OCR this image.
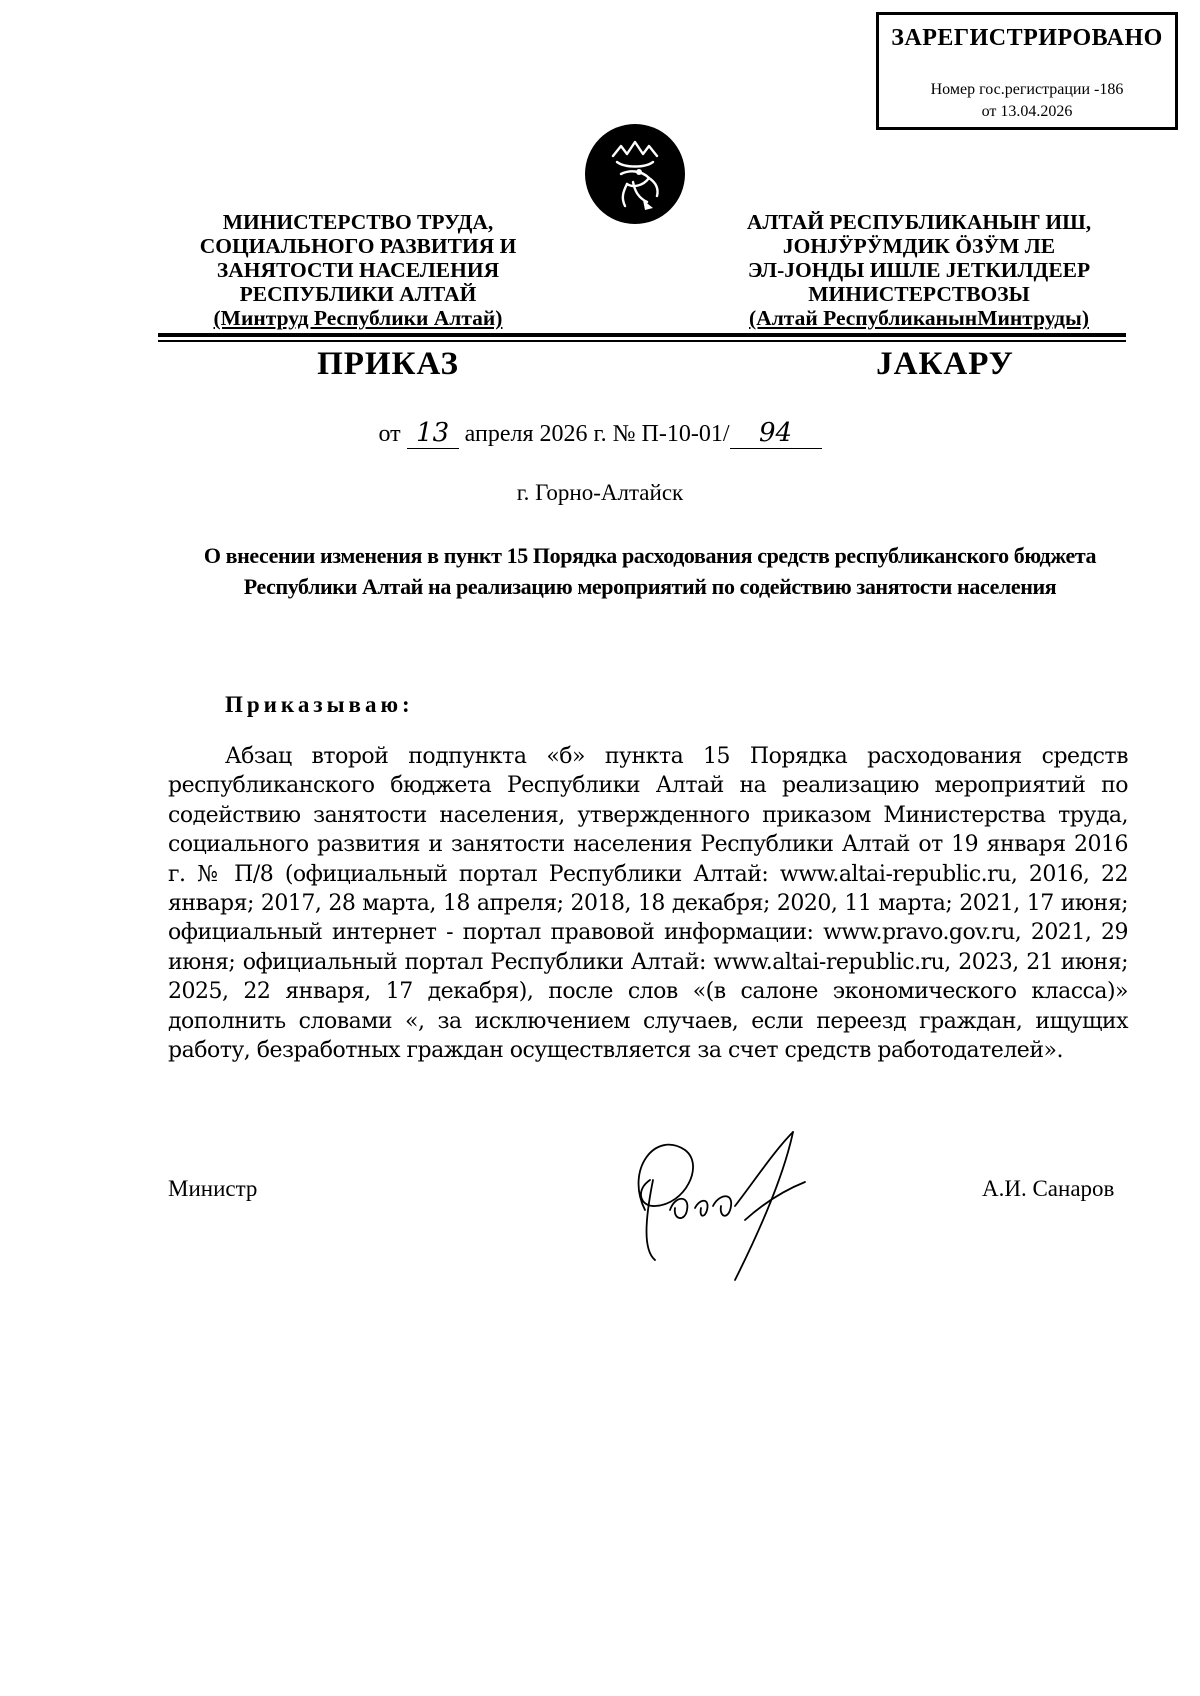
ЗАРЕГИСТРИРОВАНО
Номер гос.регистрации -186
от 13.04.2026
МИНИСТЕРСТВО ТРУДА,
СОЦИАЛЬНОГО РАЗВИТИЯ И
ЗАНЯТОСТИ НАСЕЛЕНИЯ
РЕСПУБЛИКИ АЛТАЙ
(Минтруд Республики Алтай)
АЛТАЙ РЕСПУБЛИКАНЫҤ ИШ,
JОНJӰРӰМДИК ÖЗӰМ ЛЕ
ЭЛ-JОНДЫ ИШЛЕ JЕТКИЛДЕЕР
МИНИСТЕРСТВОЗЫ
(Алтай РеспубликанынМинтруды)
ПРИКАЗ	JАКАРУ
от 13 апреля 2026 г. № П-10-01/ 94
г. Горно-Алтайск
О внесении изменения в пункт 15 Порядка расходования средств республиканского бюджета Республики Алтай на реализацию мероприятий по содействию занятости населения
Приказываю:
Абзац второй подпункта «б» пункта 15 Порядка расходования средств республиканского бюджета Республики Алтай на реализацию мероприятий по содействию занятости населения, утвержденного приказом Министерства труда, социального развития и занятости населения Республики Алтай от 19 января 2016 г. № П/8 (официальный портал Республики Алтай: www.altai-republic.ru, 2016, 22 января; 2017, 28 марта, 18 апреля; 2018, 18 декабря; 2020, 11 марта; 2021, 17 июня; официальный интернет - портал правовой информации: www.pravo.gov.ru, 2021, 29 июня; официальный портал Республики Алтай: www.altai-republic.ru, 2023, 21 июня; 2025, 22 января, 17 декабря), после слов «(в салоне экономического класса)» дополнить словами «, за исключением случаев, если переезд граждан, ищущих работу, безработных граждан осуществляется за счет средств работодателей».
Министр	А.И. Санаров
